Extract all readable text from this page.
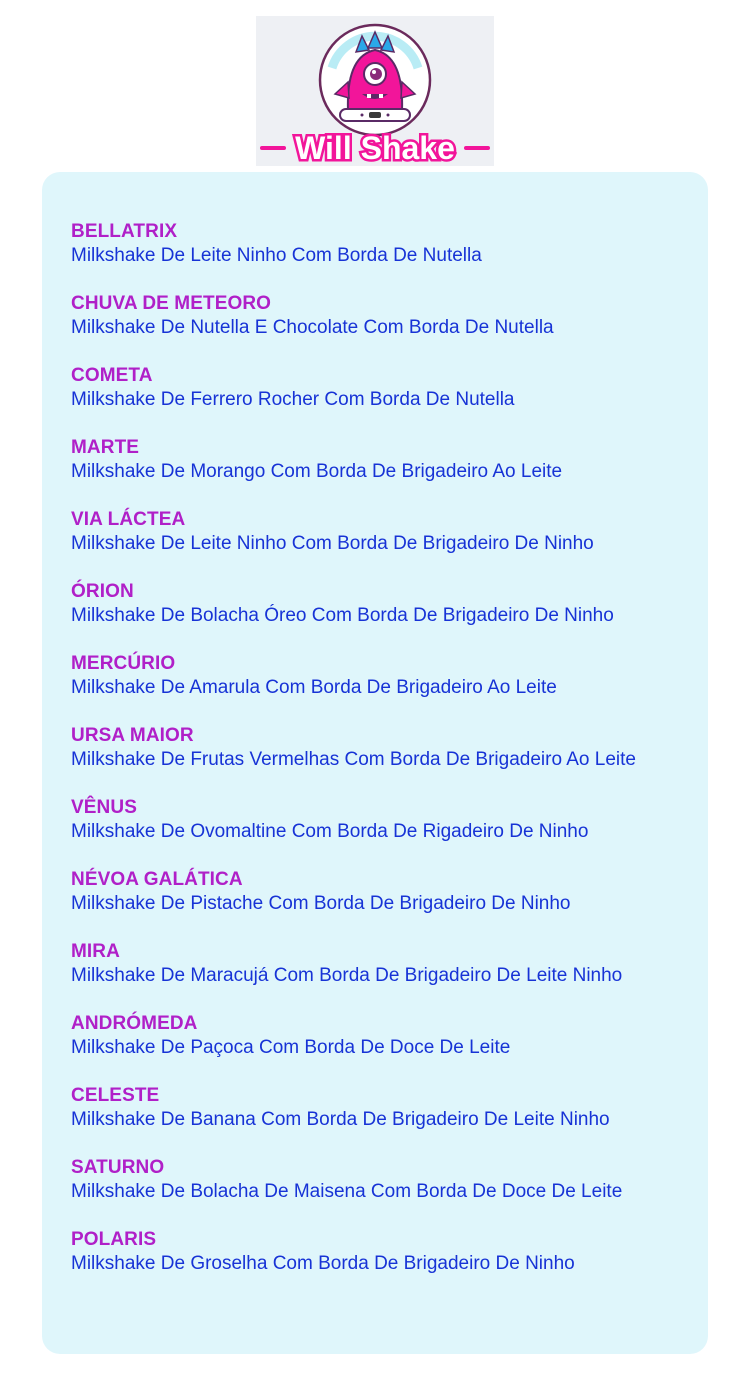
Will Shake
BELLATRIX
Milkshake De Leite Ninho Com Borda De Nutella
CHUVA DE METEORO
Milkshake De Nutella E Chocolate Com Borda De Nutella
COMETA
Milkshake De Ferrero Rocher Com Borda De Nutella
MARTE
Milkshake De Morango Com Borda De Brigadeiro Ao Leite
VIA LÁCTEA
Milkshake De Leite Ninho Com Borda De Brigadeiro De Ninho
ÓRION
Milkshake De Bolacha Óreo Com Borda De Brigadeiro De Ninho
MERCÚRIO
Milkshake De Amarula Com Borda De Brigadeiro Ao Leite
URSA MAIOR
Milkshake De Frutas Vermelhas Com Borda De Brigadeiro Ao Leite
VÊNUS
Milkshake De Ovomaltine Com Borda De Rigadeiro De Ninho
NÉVOA GALÁTICA
Milkshake De Pistache Com Borda De Brigadeiro De Ninho
MIRA
Milkshake De Maracujá Com Borda De Brigadeiro De Leite Ninho
ANDRÓMEDA
Milkshake De Paçoca Com Borda De Doce De Leite
CELESTE
Milkshake De Banana Com Borda De Brigadeiro De Leite Ninho
SATURNO
Milkshake De Bolacha De Maisena Com Borda De Doce De Leite
POLARIS
Milkshake De Groselha Com Borda De Brigadeiro De Ninho
